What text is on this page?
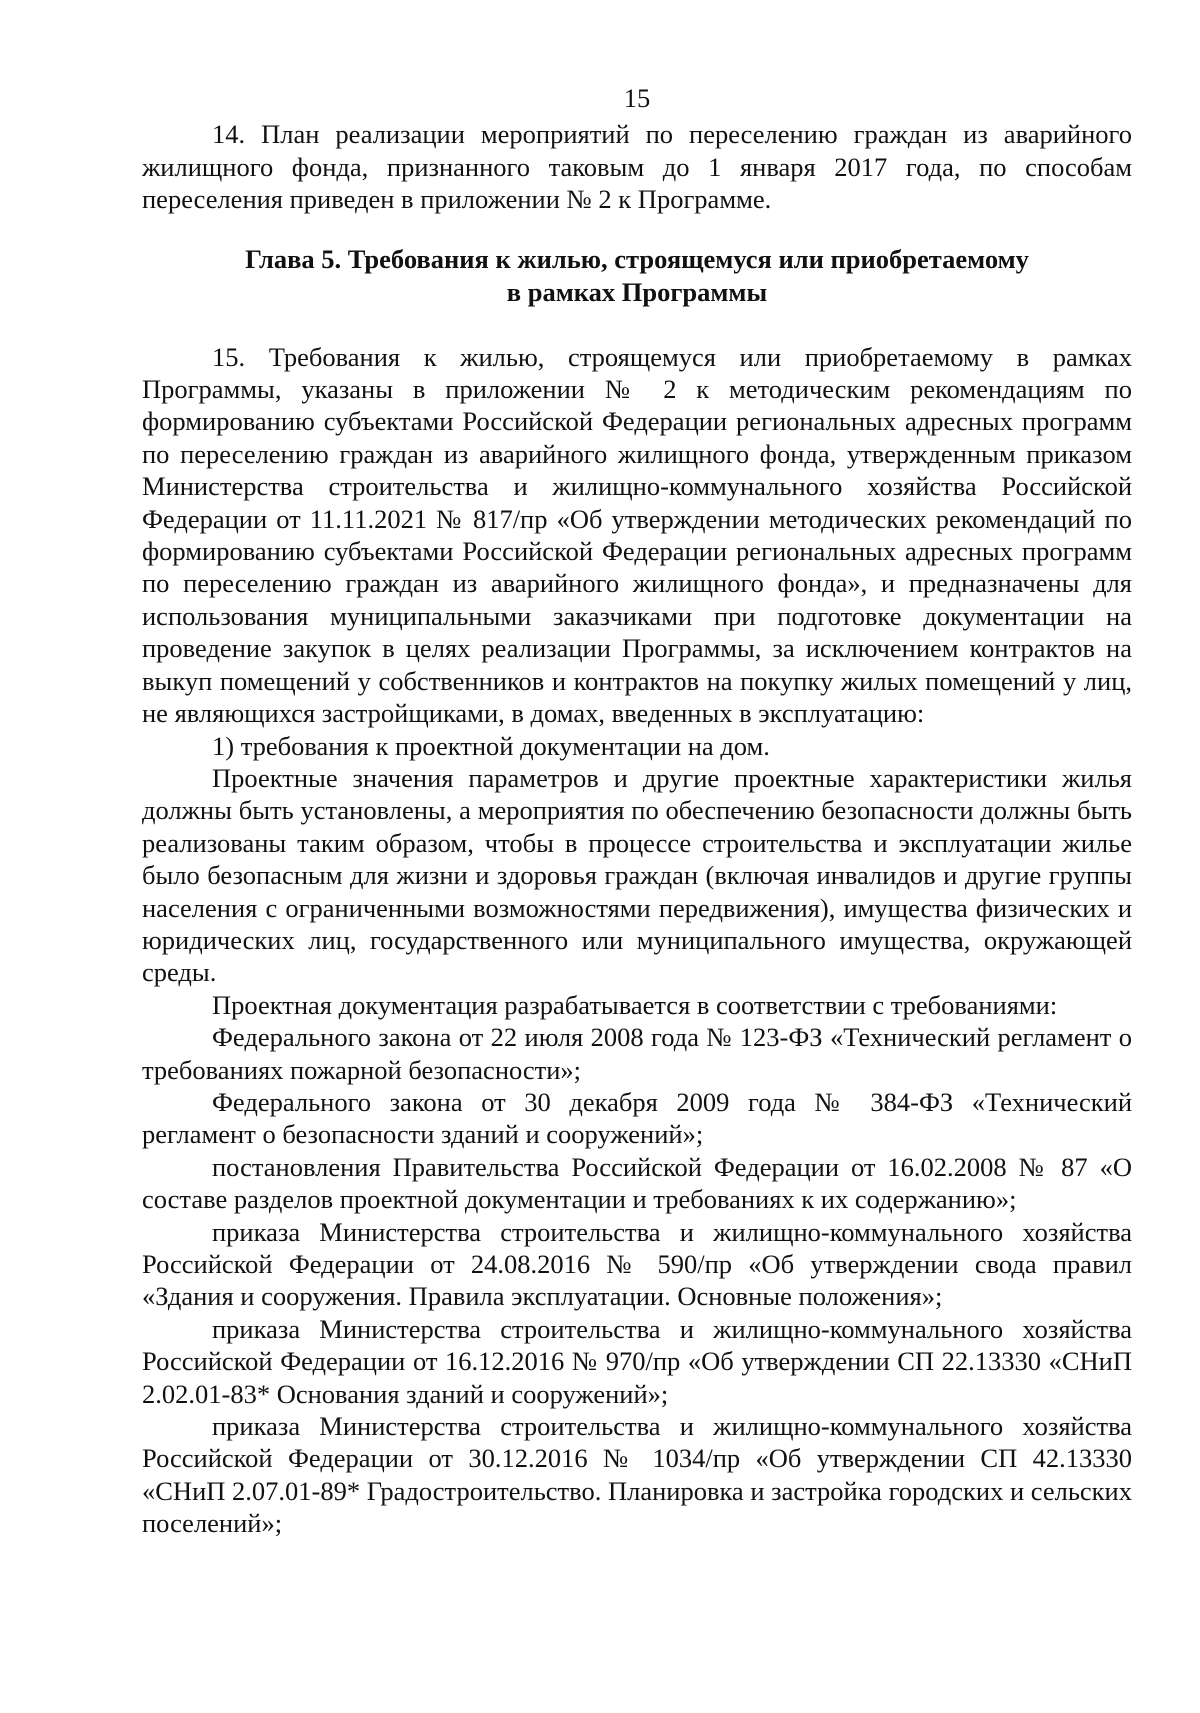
15

14. План реализации мероприятий по переселению граждан из аварийного жилищного фонда, признанного таковым до 1 января 2017 года, по способам переселения приведен в приложении № 2 к Программе.

Глава 5. Требования к жилью, строящемуся или приобретаемому
в рамках Программы

15. Требования к жилью, строящемуся или приобретаемому в рамках Программы, указаны в приложении № 2 к методическим рекомендациям по формированию субъектами Российской Федерации региональных адресных программ по переселению граждан из аварийного жилищного фонда, утвержденным приказом Министерства строительства и жилищно-коммунального хозяйства Российской Федерации от 11.11.2021 № 817/пр «Об утверждении методических рекомендаций по формированию субъектами Российской Федерации региональных адресных программ по переселению граждан из аварийного жилищного фонда», и предназначены для использования муниципальными заказчиками при подготовке документации на проведение закупок в целях реализации Программы, за исключением контрактов на выкуп помещений у собственников и контрактов на покупку жилых помещений у лиц, не являющихся застройщиками, в домах, введенных в эксплуатацию:

1) требования к проектной документации на дом.

Проектные значения параметров и другие проектные характеристики жилья должны быть установлены, а мероприятия по обеспечению безопасности должны быть реализованы таким образом, чтобы в процессе строительства и эксплуатации жилье было безопасным для жизни и здоровья граждан (включая инвалидов и другие группы населения с ограниченными возможностями передвижения), имущества физических и юридических лиц, государственного или муниципального имущества, окружающей среды.

Проектная документация разрабатывается в соответствии с требованиями:

Федерального закона от 22 июля 2008 года № 123-ФЗ «Технический регламент о требованиях пожарной безопасности»;

Федерального закона от 30 декабря 2009 года № 384-ФЗ «Технический регламент о безопасности зданий и сооружений»;

постановления Правительства Российской Федерации от 16.02.2008 № 87 «О составе разделов проектной документации и требованиях к их содержанию»;

приказа Министерства строительства и жилищно-коммунального хозяйства Российской Федерации от 24.08.2016 № 590/пр «Об утверждении свода правил «Здания и сооружения. Правила эксплуатации. Основные положения»;

приказа Министерства строительства и жилищно-коммунального хозяйства Российской Федерации от 16.12.2016 № 970/пр «Об утверждении СП 22.13330 «СНиП 2.02.01-83* Основания зданий и сооружений»;

приказа Министерства строительства и жилищно-коммунального хозяйства Российской Федерации от 30.12.2016 № 1034/пр «Об утверждении СП 42.13330 «СНиП 2.07.01-89* Градостроительство. Планировка и застройка городских и сельских поселений»;
